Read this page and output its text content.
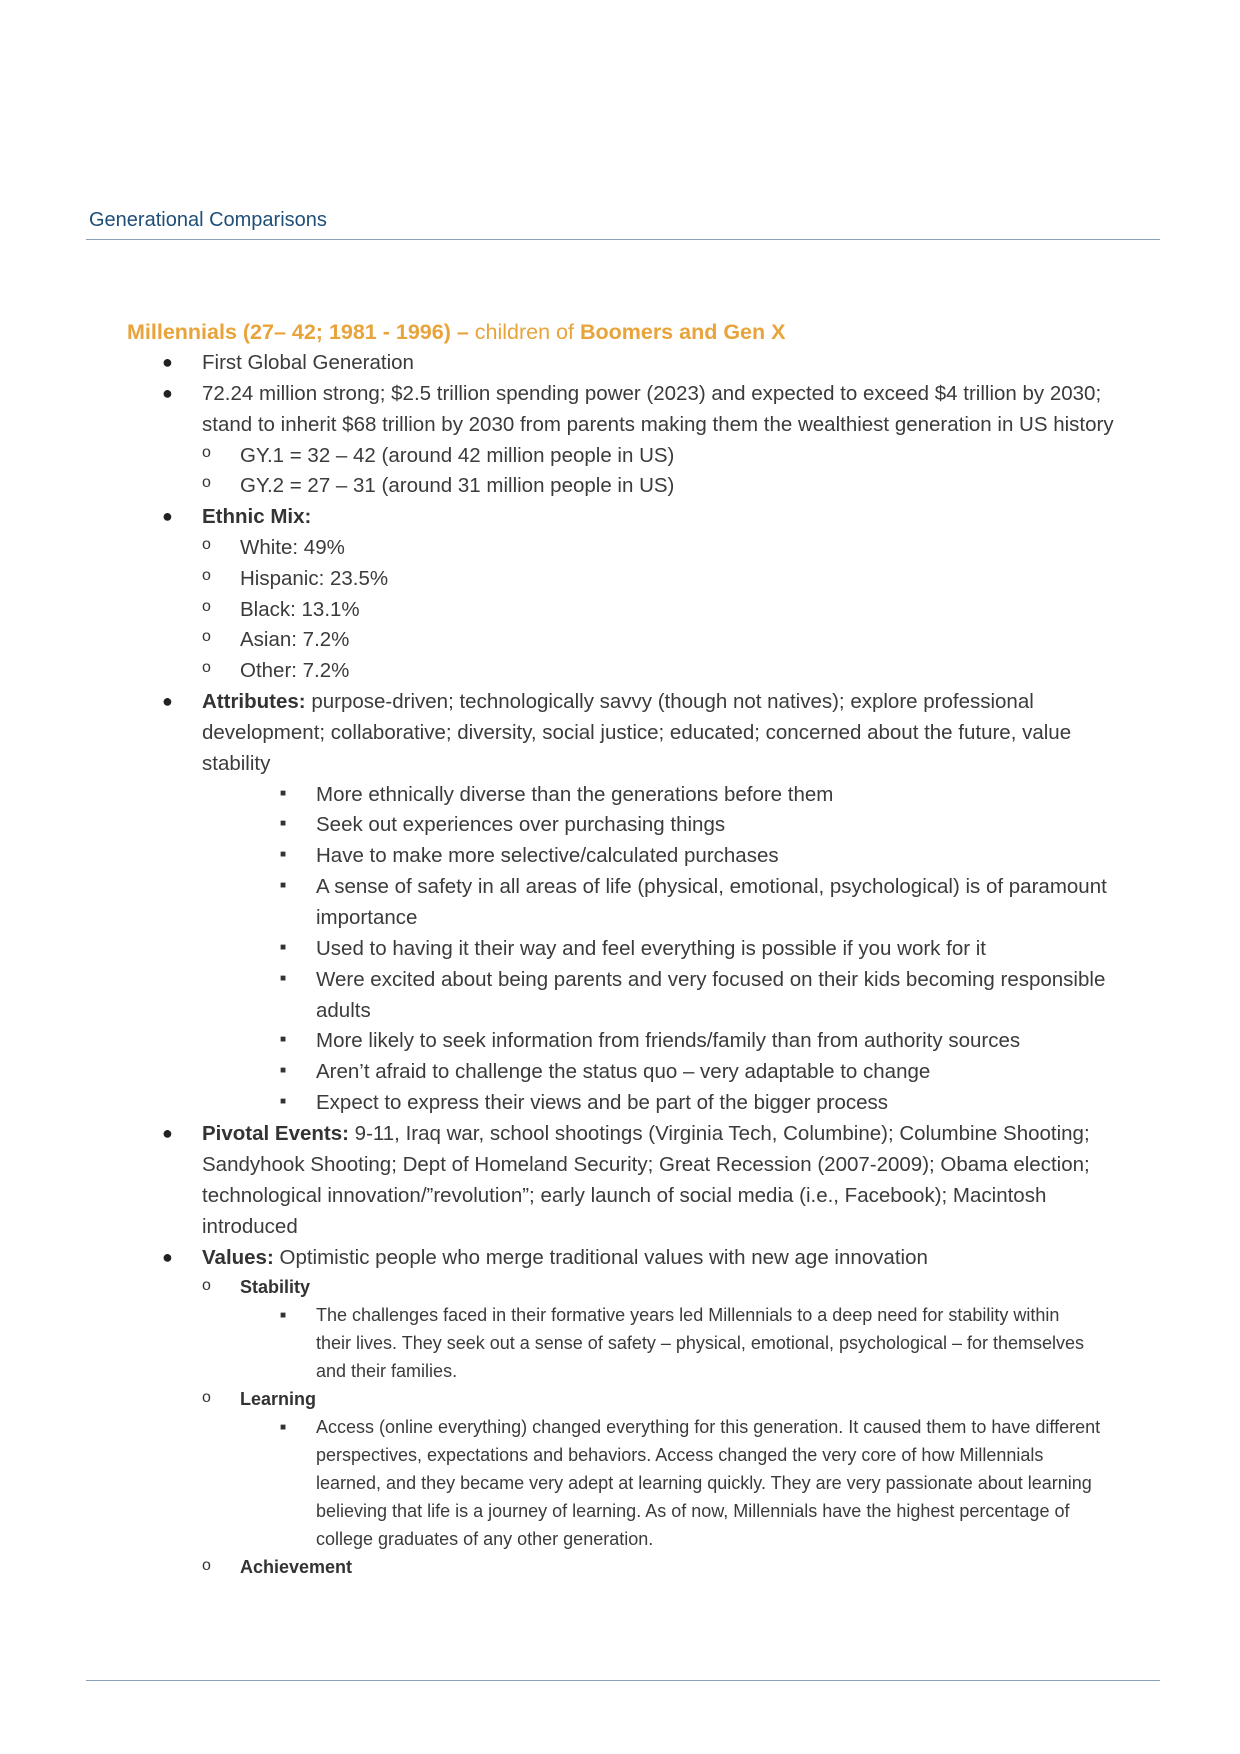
Generational Comparisons
Millennials (27– 42; 1981 - 1996) – children of Boomers and Gen X
● First Global Generation
● 72.24 million strong; $2.5 trillion spending power (2023) and expected to exceed $4 trillion by 2030;
stand to inherit $68 trillion by 2030 from parents making them the wealthiest generation in US history
o GY.1 = 32 – 42 (around 42 million people in US)
o GY.2 = 27 – 31 (around 31 million people in US)
● Ethnic Mix:
o White: 49%
o Hispanic: 23.5%
o Black: 13.1%
o Asian: 7.2%
o Other: 7.2%
● Attributes: purpose-driven; technologically savvy (though not natives); explore professional
development; collaborative; diversity, social justice; educated; concerned about the future, value
stability
■ More ethnically diverse than the generations before them
■ Seek out experiences over purchasing things
■ Have to make more selective/calculated purchases
■ A sense of safety in all areas of life (physical, emotional, psychological) is of paramount
importance
■ Used to having it their way and feel everything is possible if you work for it
■ Were excited about being parents and very focused on their kids becoming responsible
adults
■ More likely to seek information from friends/family than from authority sources
■ Aren’t afraid to challenge the status quo – very adaptable to change
■ Expect to express their views and be part of the bigger process
● Pivotal Events: 9-11, Iraq war, school shootings (Virginia Tech, Columbine); Columbine Shooting;
Sandyhook Shooting; Dept of Homeland Security; Great Recession (2007-2009); Obama election;
technological innovation/”revolution”; early launch of social media (i.e., Facebook); Macintosh
introduced
● Values: Optimistic people who merge traditional values with new age innovation
o Stability
■ The challenges faced in their formative years led Millennials to a deep need for stability within
their lives. They seek out a sense of safety – physical, emotional, psychological – for themselves
and their families.
o Learning
■ Access (online everything) changed everything for this generation. It caused them to have different
perspectives, expectations and behaviors. Access changed the very core of how Millennials
learned, and they became very adept at learning quickly. They are very passionate about learning
believing that life is a journey of learning. As of now, Millennials have the highest percentage of
college graduates of any other generation.
o Achievement
